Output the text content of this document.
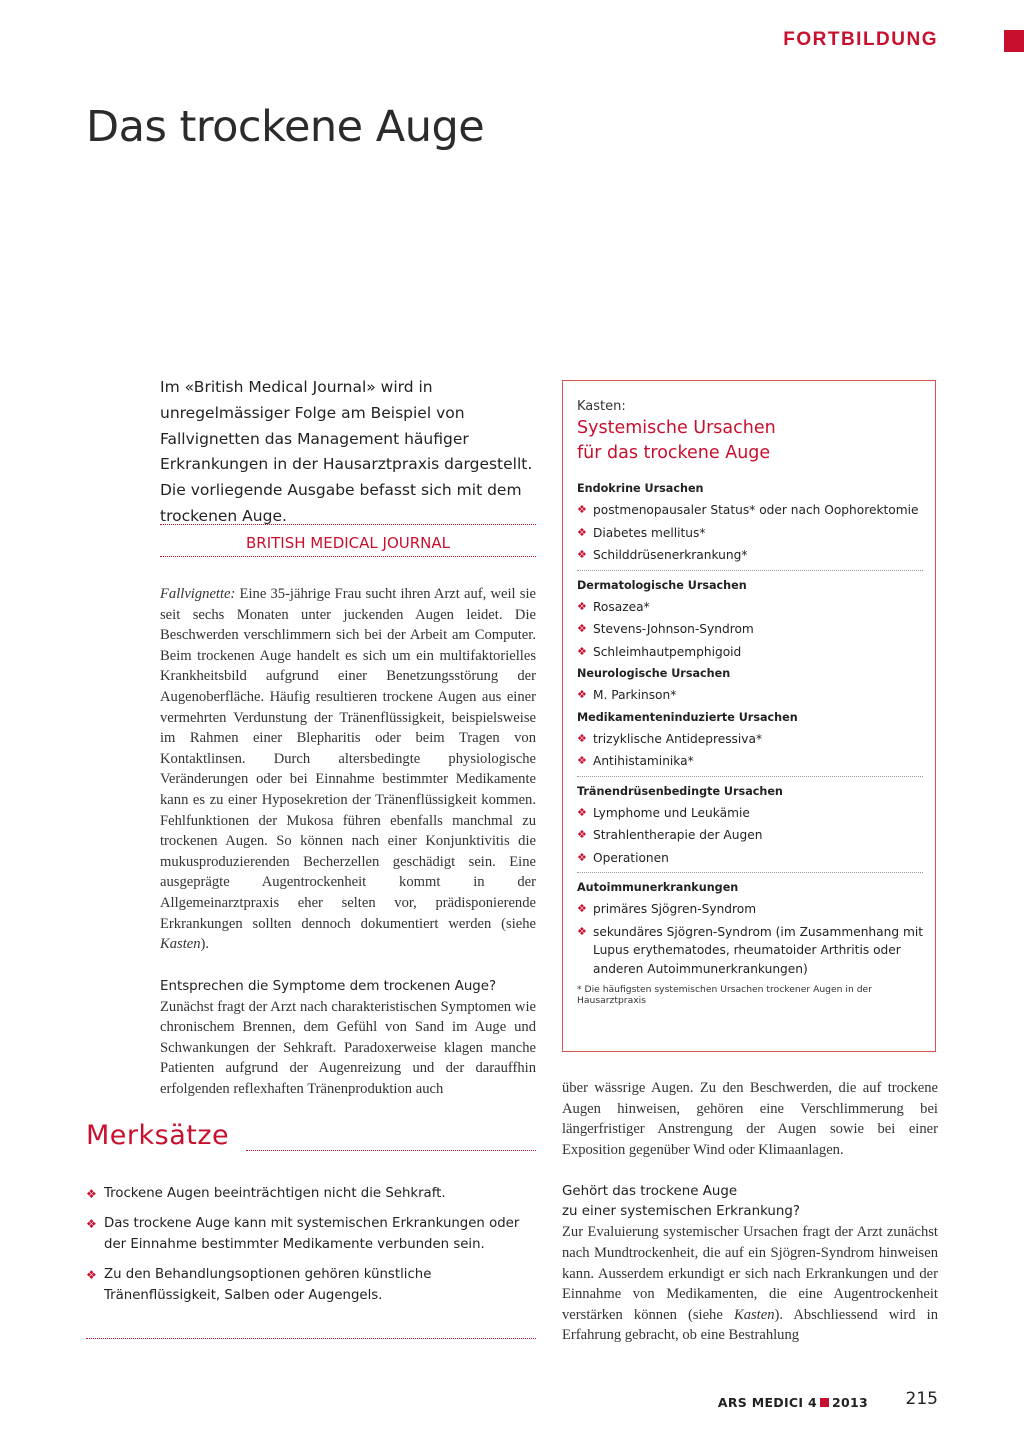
FORTBILDUNG
Das trockene Auge
Im «British Medical Journal» wird in unregelmässiger Folge am Beispiel von Fallvignetten das Management häufiger Erkrankungen in der Hausarztpraxis dargestellt. Die vorliegende Ausgabe befasst sich mit dem trockenen Auge.
BRITISH MEDICAL JOURNAL

Fallvignette: Eine 35-jährige Frau sucht ihren Arzt auf, weil sie seit sechs Monaten unter juckenden Augen leidet. Die Beschwerden verschlimmern sich bei der Arbeit am Computer. Beim trockenen Auge handelt es sich um ein multifaktorielles Krankheitsbild aufgrund einer Benetzungsstörung der Augenoberfläche. Häufig resultieren trockene Augen aus einer vermehrten Verdunstung der Tränenflüssigkeit, beispielsweise im Rahmen einer Blepharitis oder beim Tragen von Kontaktlinsen. Durch altersbedingte physiologische Veränderungen oder bei Einnahme bestimmter Medikamente kann es zu einer Hyposekretion der Tränenflüssigkeit kommen. Fehlfunktionen der Mukosa führen ebenfalls manchmal zu trockenen Augen. So können nach einer Konjunktivitis die mukusproduzierenden Becherzellen geschädigt sein. Eine ausgeprägte Augentrockenheit kommt in der Allgemeinarztpraxis eher selten vor, prädisponierende Erkrankungen sollten dennoch dokumentiert werden (siehe Kasten).

Entsprechen die Symptome dem trockenen Auge?

Zunächst fragt der Arzt nach charakteristischen Symptomen wie chronischem Brennen, dem Gefühl von Sand im Auge und Schwankungen der Sehkraft. Paradoxerweise klagen manche Patienten aufgrund der Augenreizung und der darauffhin erfolgenden reflexhaften Tränenproduktion auch

Kasten:
Systemische Ursachen
für das trockene Auge
Endokrine Ursachen
❖ postmenopausaler Status* oder nach Oophorektomie
❖ Diabetes mellitus*
❖ Schilddrüsenerkrankung*
Dermatologische Ursachen
❖ Rosazea*
❖ Stevens-Johnson-Syndrom
❖ Schleimhautpemphigoid
Neurologische Ursachen
❖ M. Parkinson*
Medikamenteninduzierte Ursachen
❖ trizyklische Antidepressiva*
❖ Antihistaminika*
Tränendrüsenbedingte Ursachen
❖ Lymphome und Leukämie
❖ Strahlentherapie der Augen
❖ Operationen
Autoimmunerkrankungen
❖ primäres Sjögren-Syndrom
❖ sekundäres Sjögren-Syndrom (im Zusammenhang mit Lupus erythematodes, rheumatoider Arthritis oder anderen Autoimmunerkrankungen)
* Die häufigsten systemischen Ursachen trockener Augen in der Hausarztpraxis

über wässrige Augen. Zu den Beschwerden, die auf trockene Augen hinweisen, gehören eine Verschlimmerung bei längerfristiger Anstrengung der Augen sowie bei einer Exposition gegenüber Wind oder Klimaanlagen.

Gehört das trockene Auge

zu einer systemischen Erkrankung?

Zur Evaluierung systemischer Ursachen fragt der Arzt zunächst nach Mundtrockenheit, die auf ein Sjögren-Syndrom hinweisen kann. Ausserdem erkundigt er sich nach Erkrankungen und der Einnahme von Medikamenten, die eine Augentrockenheit verstärken können (siehe Kasten). Abschliessend wird in Erfahrung gebracht, ob eine Bestrahlung

Merksätze
❖ Trockene Augen beeinträchtigen nicht die Sehkraft.
❖ Das trockene Auge kann mit systemischen Erkrankungen oder der Einnahme bestimmter Medikamente verbunden sein.
❖ Zu den Behandlungsoptionen gehören künstliche Tränenflüssigkeit, Salben oder Augengels.
ARS MEDICI 4 2013 215
